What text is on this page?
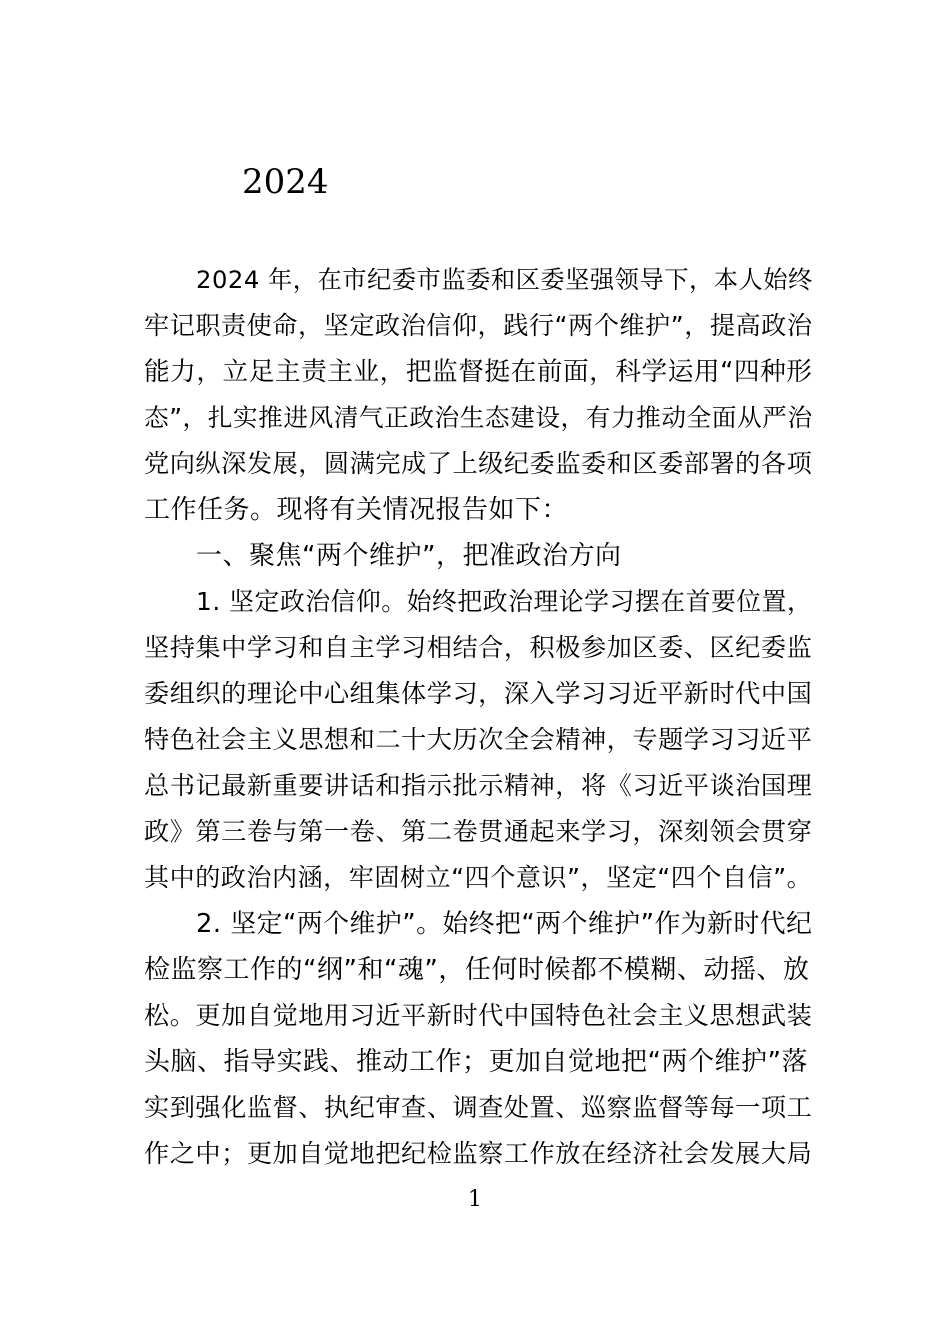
2024
2024 年，在市纪委市监委和区委坚强领导下，本人始终
牢记职责使命，坚定政治信仰，践行“两个维护”，提高政治
能力，立足主责主业，把监督挺在前面，科学运用“四种形
态”，扎实推进风清气正政治生态建设，有力推动全面从严治
党向纵深发展，圆满完成了上级纪委监委和区委部署的各项
工作任务。现将有关情况报告如下：
一、聚焦“两个维护”，把准政治方向
1. 坚定政治信仰。始终把政治理论学习摆在首要位置，
坚持集中学习和自主学习相结合，积极参加区委、区纪委监
委组织的理论中心组集体学习，深入学习习近平新时代中国
特色社会主义思想和二十大历次全会精神，专题学习习近平
总书记最新重要讲话和指示批示精神，将《习近平谈治国理
政》第三卷与第一卷、第二卷贯通起来学习，深刻领会贯穿
其中的政治内涵，牢固树立“四个意识”，坚定“四个自信”。
2. 坚定“两个维护”。始终把“两个维护”作为新时代纪
检监察工作的“纲”和“魂”，任何时候都不模糊、动摇、放
松。更加自觉地用习近平新时代中国特色社会主义思想武装
头脑、指导实践、推动工作；更加自觉地把“两个维护”落
实到强化监督、执纪审查、调查处置、巡察监督等每一项工
作之中；更加自觉地把纪检监察工作放在经济社会发展大局
1
